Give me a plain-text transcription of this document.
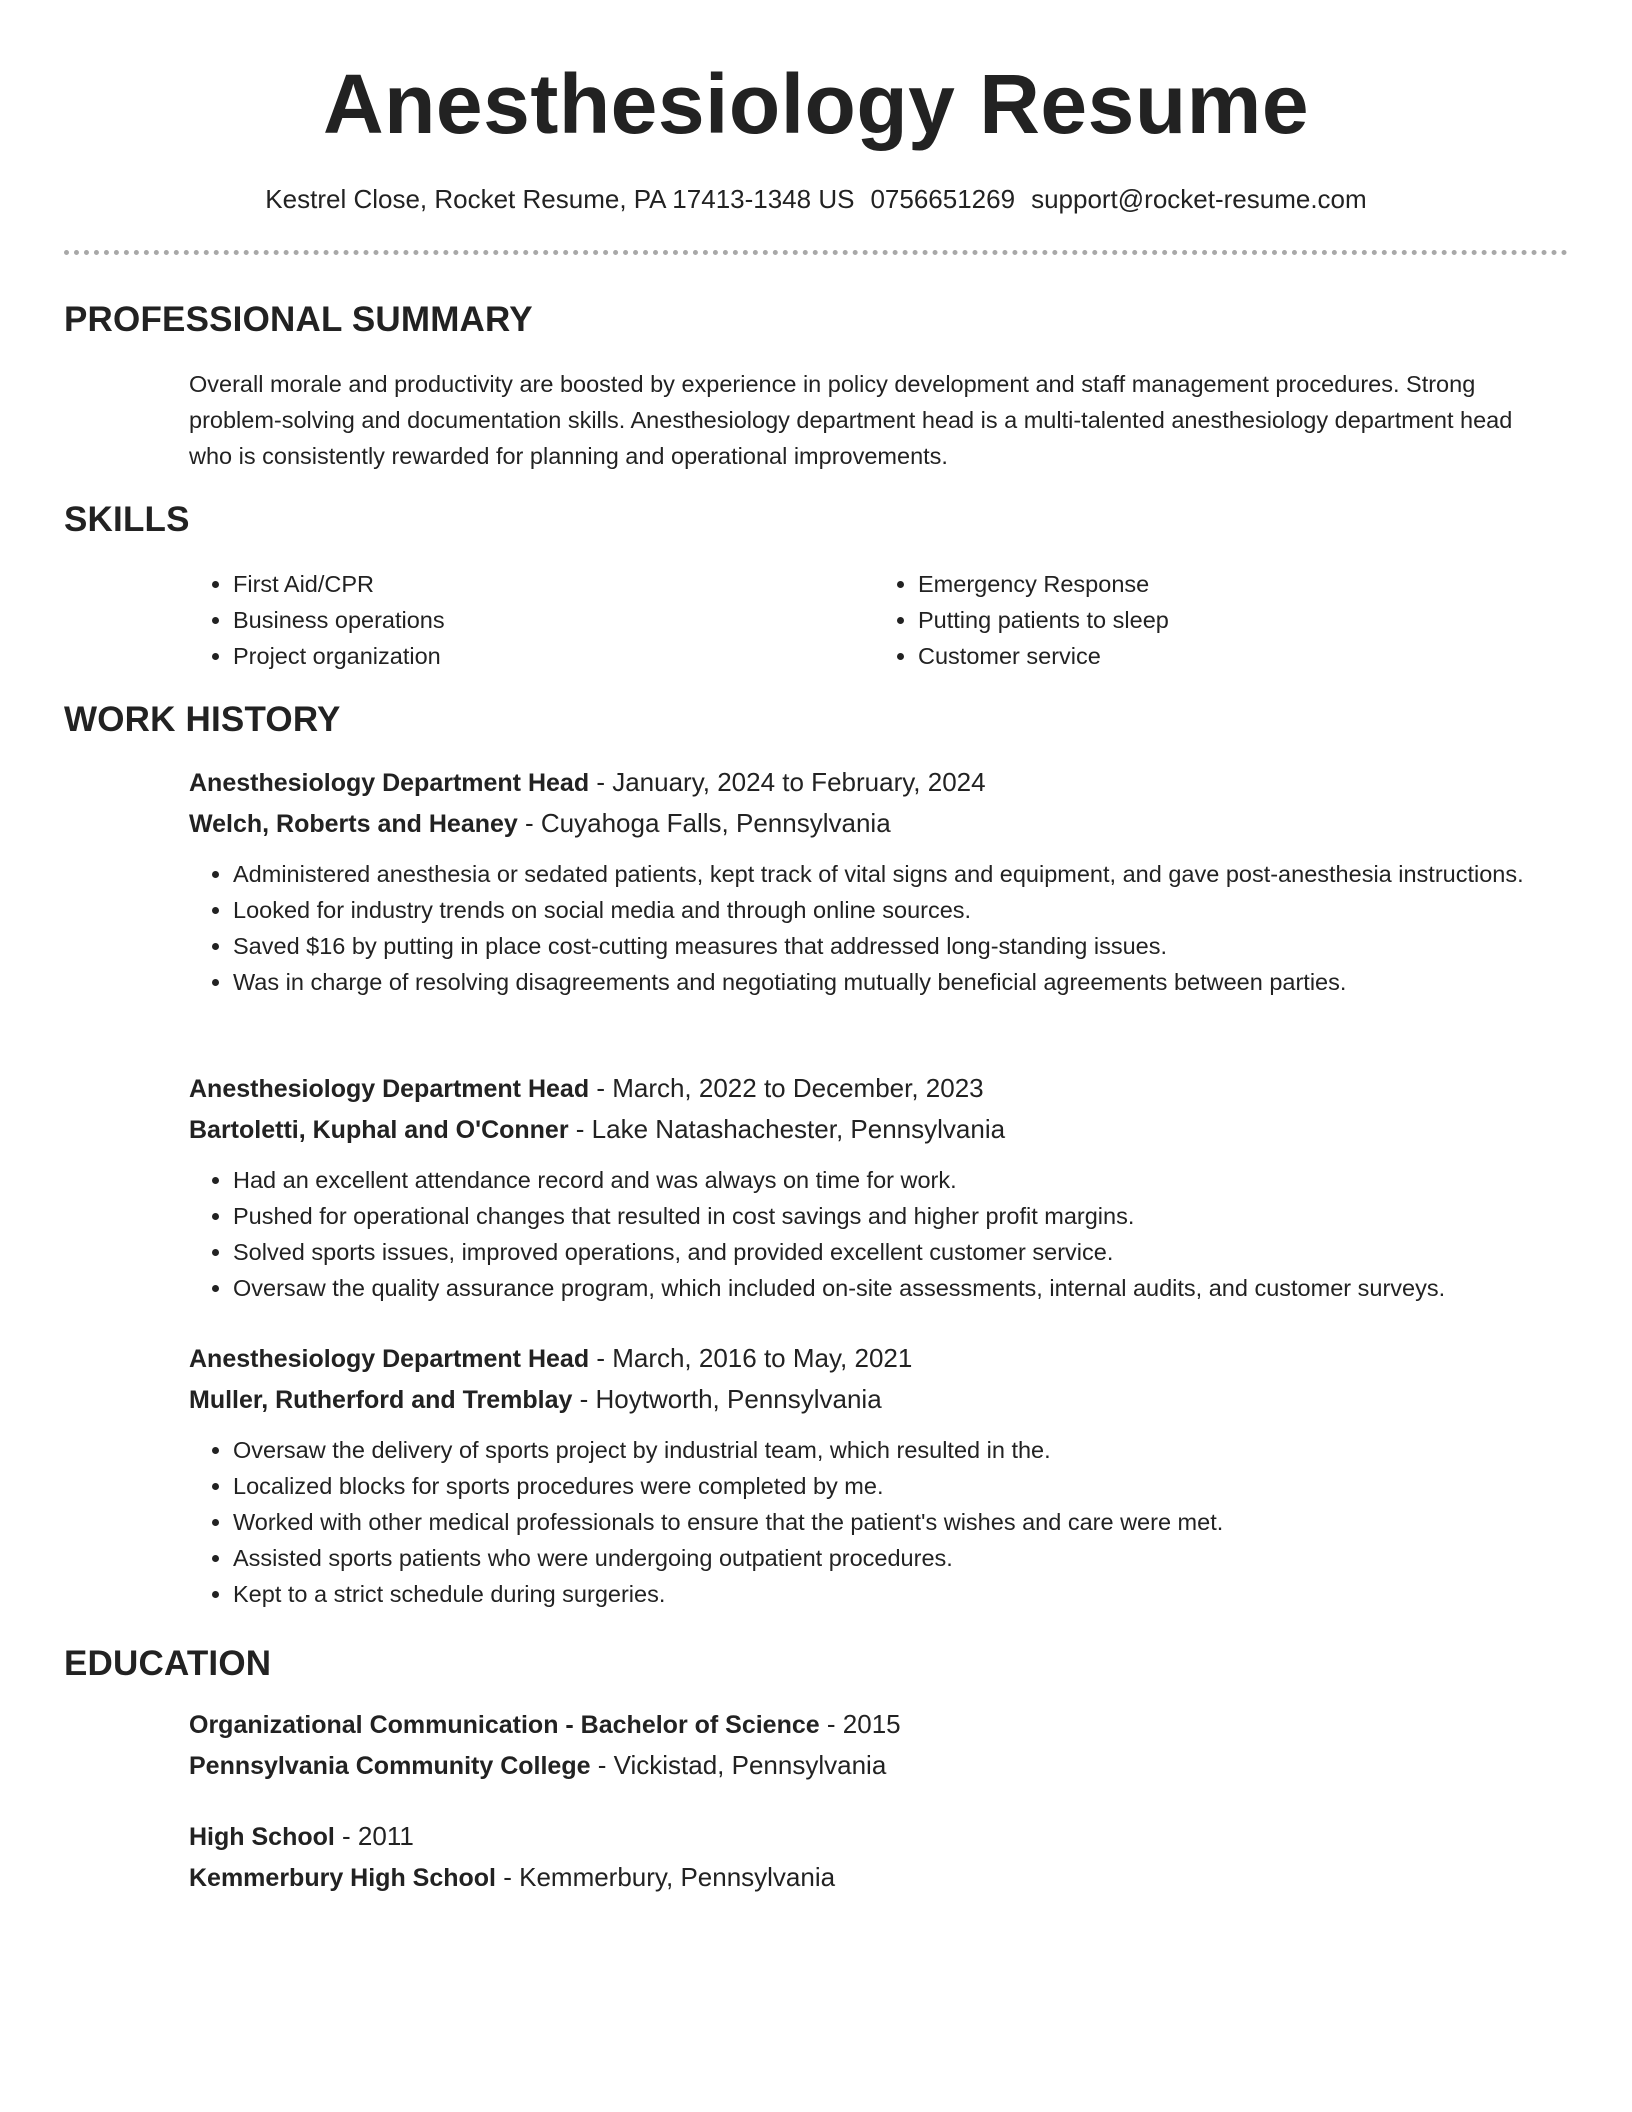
Anesthesiology Resume
Kestrel Close, Rocket Resume, PA 17413-1348 US 0756651269 support@rocket-resume.com
PROFESSIONAL SUMMARY

Overall morale and productivity are boosted by experience in policy development and staff management procedures. Strong problem-solving and documentation skills. Anesthesiology department head is a multi-talented anesthesiology department head who is consistently rewarded for planning and operational improvements.

SKILLS
• First Aid/CPR
• Business operations
• Project organization
• Emergency Response
• Putting patients to sleep
• Customer service
WORK HISTORY
Anesthesiology Department Head - January, 2024 to February, 2024
Welch, Roberts and Heaney - Cuyahoga Falls, Pennsylvania
• Administered anesthesia or sedated patients, kept track of vital signs and equipment, and gave post-anesthesia instructions.
• Looked for industry trends on social media and through online sources.
• Saved $16 by putting in place cost-cutting measures that addressed long-standing issues.
• Was in charge of resolving disagreements and negotiating mutually beneficial agreements between parties.
Anesthesiology Department Head - March, 2022 to December, 2023
Bartoletti, Kuphal and O'Conner - Lake Natashachester, Pennsylvania
• Had an excellent attendance record and was always on time for work.
• Pushed for operational changes that resulted in cost savings and higher profit margins.
• Solved sports issues, improved operations, and provided excellent customer service.
• Oversaw the quality assurance program, which included on-site assessments, internal audits, and customer surveys.
Anesthesiology Department Head - March, 2016 to May, 2021
Muller, Rutherford and Tremblay - Hoytworth, Pennsylvania
• Oversaw the delivery of sports project by industrial team, which resulted in the.
• Localized blocks for sports procedures were completed by me.
• Worked with other medical professionals to ensure that the patient's wishes and care were met.
• Assisted sports patients who were undergoing outpatient procedures.
• Kept to a strict schedule during surgeries.
EDUCATION
Organizational Communication - Bachelor of Science - 2015
Pennsylvania Community College - Vickistad, Pennsylvania
High School - 2011
Kemmerbury High School - Kemmerbury, Pennsylvania
